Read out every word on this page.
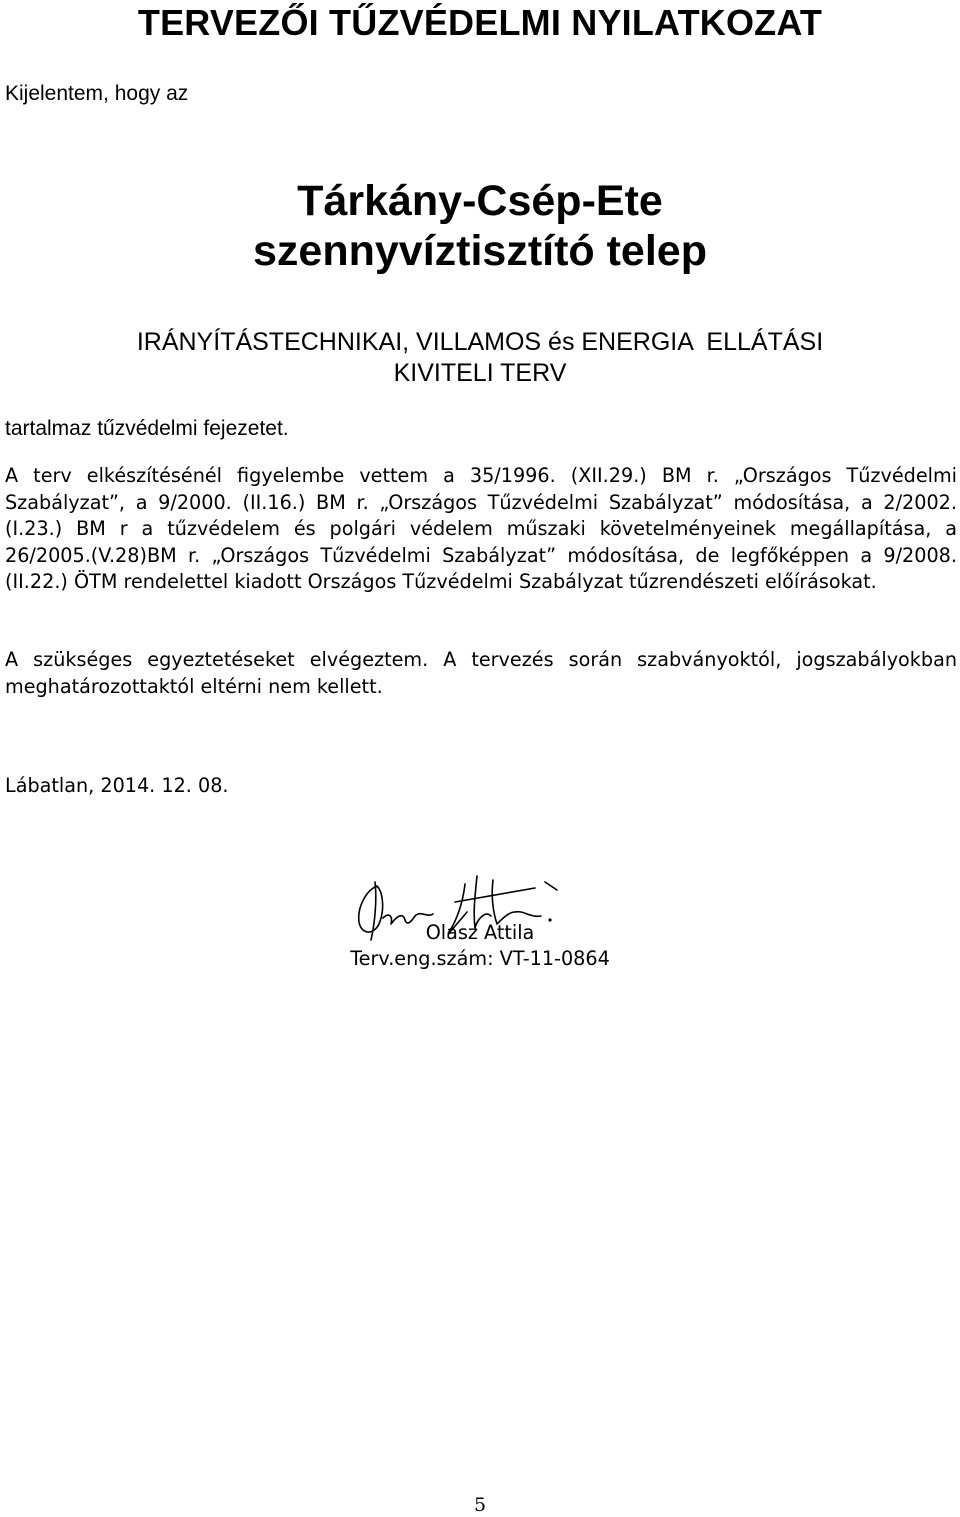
TERVEZŐI TŰZVÉDELMI NYILATKOZAT
Kijelentem, hogy az
Tárkány-Csép-Ete
szennyvíztisztító telep
IRÁNYÍTÁSTECHNIKAI, VILLAMOS és ENERGIA  ELLÁTÁSI
KIVITELI TERV
tartalmaz tűzvédelmi fejezetet.
A terv elkészítésénél figyelembe vettem a 35/1996. (XII.29.) BM r. „Országos Tűzvédelmi Szabályzat”, a 9/2000. (II.16.) BM r. „Országos Tűzvédelmi Szabályzat” módosítása, a 2/2002.(I.23.) BM r a tűzvédelem és polgári védelem műszaki követelményeinek megállapítása, a 26/2005.(V.28)BM r. „Országos Tűzvédelmi Szabályzat” módosítása, de legfőképpen a 9/2008. (II.22.) ÖTM rendelettel kiadott Országos Tűzvédelmi Szabályzat tűzrendészeti előírásokat.
A szükséges egyeztetéseket elvégeztem. A tervezés során szabványoktól, jogszabályokban meghatározottaktól eltérni nem kellett.
Lábatlan, 2014. 12. 08.
Olasz Attila
Terv.eng.szám: VT-11-0864
5
